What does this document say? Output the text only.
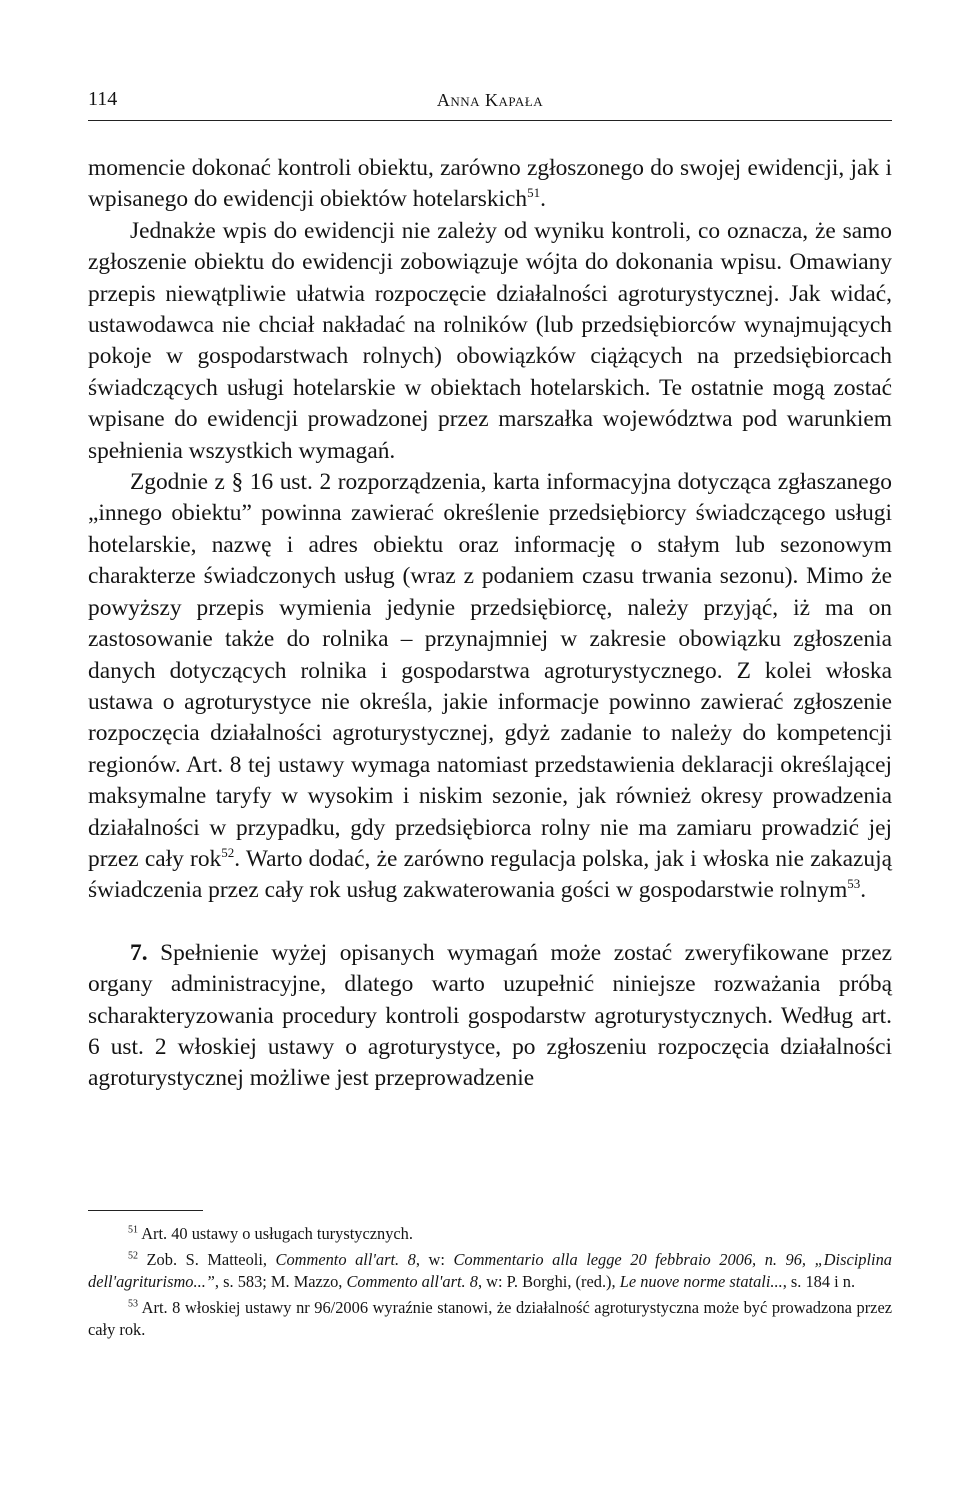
114	Anna Kapała

momencie dokonać kontroli obiektu, zarówno zgłoszonego do swojej ewidencji, jak i wpisanego do ewidencji obiektów hotelarskich$^{51}$.

Jednakże wpis do ewidencji nie zależy od wyniku kontroli, co oznacza, że samo zgłoszenie obiektu do ewidencji zobowiązuje wójta do dokonania wpisu. Omawiany przepis niewątpliwie ułatwia rozpoczęcie działalności agroturystycznej. Jak widać, ustawodawca nie chciał nakładać na rolników (lub przedsiębiorców wynajmujących pokoje w gospodarstwach rolnych) obowiązków ciążących na przedsiębiorcach świadczących usługi hotelarskie w obiektach hotelarskich. Te ostatnie mogą zostać wpisane do ewidencji prowadzonej przez marszałka województwa pod warunkiem spełnienia wszystkich wymagań.

Zgodnie z § 16 ust. 2 rozporządzenia, karta informacyjna dotycząca zgłaszanego „innego obiektu” powinna zawierać określenie przedsiębiorcy świadczącego usługi hotelarskie, nazwę i adres obiektu oraz informację o stałym lub sezonowym charakterze świadczonych usług (wraz z podaniem czasu trwania sezonu). Mimo że powyższy przepis wymienia jedynie przedsiębiorcę, należy przyjąć, iż ma on zastosowanie także do rolnika – przynajmniej w zakresie obowiązku zgłoszenia danych dotyczących rolnika i gospodarstwa agroturystycznego. Z kolei włoska ustawa o agroturystyce nie określa, jakie informacje powinno zawierać zgłoszenie rozpoczęcia działalności agroturystycznej, gdyż zadanie to należy do kompetencji regionów. Art. 8 tej ustawy wymaga natomiast przedstawienia deklaracji określającej maksymalne taryfy w wysokim i niskim sezonie, jak również okresy prowadzenia działalności w przypadku, gdy przedsiębiorca rolny nie ma zamiaru prowadzić jej przez cały rok$^{52}$. Warto dodać, że zarówno regulacja polska, jak i włoska nie zakazują świadczenia przez cały rok usług zakwaterowania gości w gospodarstwie rolnym$^{53}$.

7. Spełnienie wyżej opisanych wymagań może zostać zweryfikowane przez organy administracyjne, dlatego warto uzupełnić niniejsze rozważania próbą scharakteryzowania procedury kontroli gospodarstw agroturystycznych. Według art. 6 ust. 2 włoskiej ustawy o agroturystyce, po zgłoszeniu rozpoczęcia działalności agroturystycznej możliwe jest przeprowadzenie

$^{51}$ Art. 40 ustawy o usługach turystycznych.

$^{52}$ Zob. S. Matteoli, Commento all'art. 8, w: Commentario alla legge 20 febbraio 2006, n. 96, „Disciplina dell'agriturismo...”, s. 583; M. Mazzo, Commento all'art. 8, w: P. Borghi, (red.), Le nuove norme statali..., s. 184 i n.

$^{53}$ Art. 8 włoskiej ustawy nr 96/2006 wyraźnie stanowi, że działalność agroturystyczna może być prowadzona przez cały rok.
